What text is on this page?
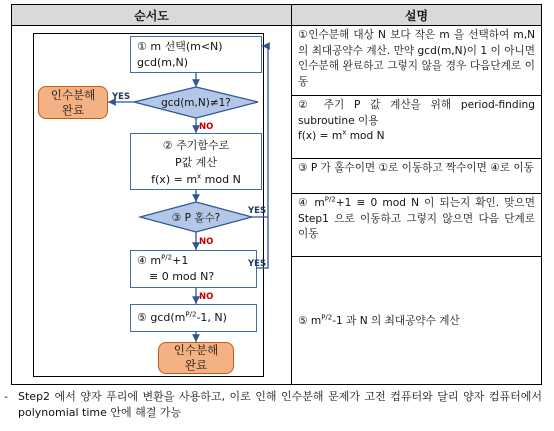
순서도	설명
① m 선택(m<N)
gcd(m,N)
gcd(m,N)≠1?
인수분해
완료
YES
NO
② 주기함수로
P값 계산
$f(x) = m^x$ mod N
③ P 홀수?
YES
NO
④ $m^{P/2}+1$
≡ 0 mod N?
YES
NO
⑤ $\gcd(m^{P/2}-1$, N)
인수분해
완료
①인수분해 대상 N 보다 작은 m 을 선택하여 m,N 의 최대공약수 계산. 만약 gcd(m,N)이 1 이 아니면 인수분해 완료하고 그렇지 않을 경우 다음단계로 이동
② 주기 P 값 계산을 위해 period-finding subroutine 이용
$f(x) = m^x$ mod N
③ P 가 홀수이면 ①로 이동하고 짝수이면 ④로 이동
④ $m^{P/2}+1 \equiv 0$ mod N 이 되는지 확인. 맞으면 Step1 으로 이동하고 그렇지 않으면 다음 단계로 이동
⑤ $m^{P/2}-1$ 과 N 의 최대공약수 계산
- Step2 에서 양자 푸리에 변환을 사용하고, 이로 인해 인수분해 문제가 고전 컴퓨터와 달리 양자 컴퓨터에서 polynomial time 안에 해결 가능
